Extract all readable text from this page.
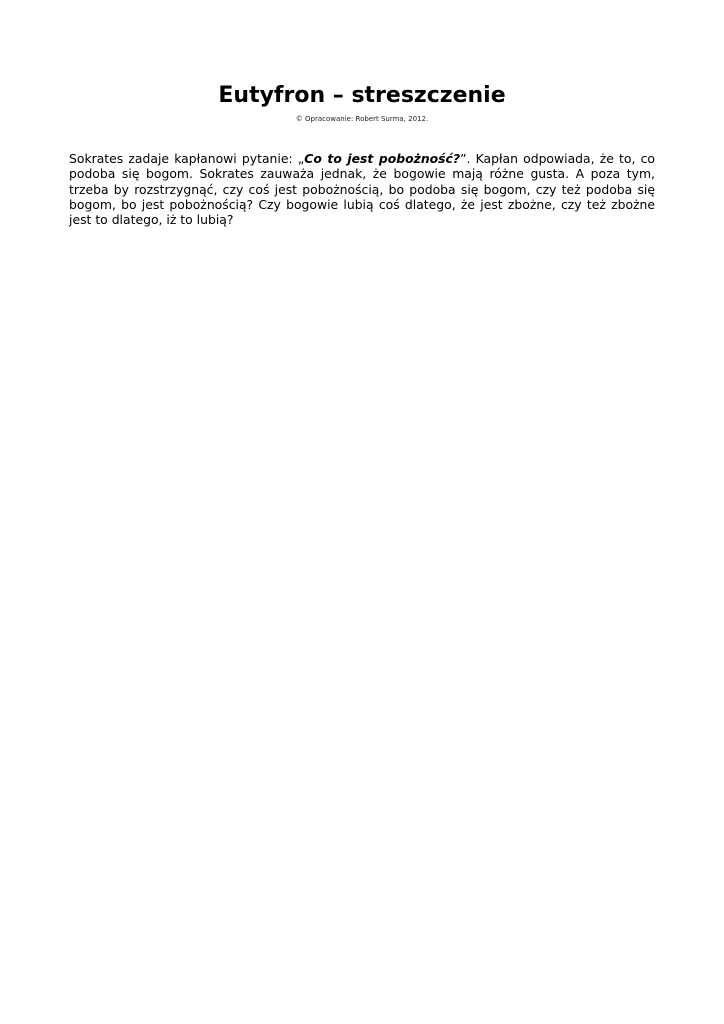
Eutyfron – streszczenie

© Opracowanie: Robert Surma, 2012.

Sokrates zadaje kapłanowi pytanie: „Co to jest pobożność?”. Kapłan odpowiada, że to, co podoba się bogom. Sokrates zauważa jednak, że bogowie mają różne gusta. A poza tym, trzeba by rozstrzygnąć, czy coś jest pobożnością, bo podoba się bogom, czy też podoba się bogom, bo jest pobożnością? Czy bogowie lubią coś dlatego, że jest zbożne, czy też zbożne jest to dlatego, iż to lubią?
